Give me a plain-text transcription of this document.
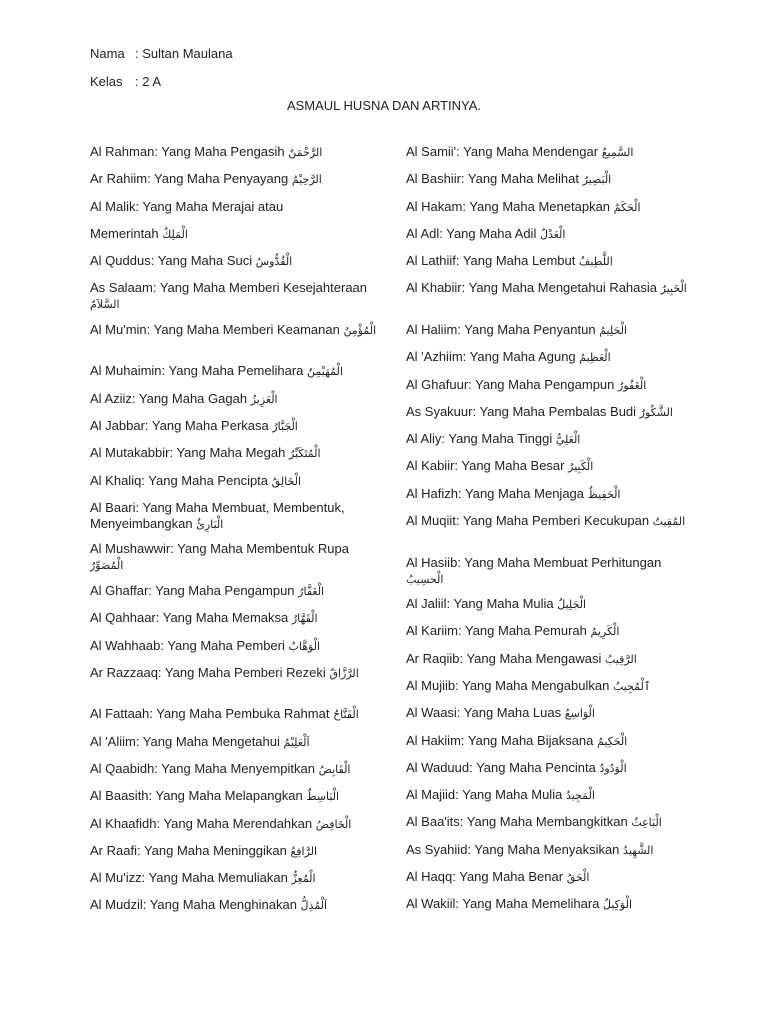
Nama : Sultan Maulana
Kelas : 2 A
ASMAUL HUSNA DAN ARTINYA.
Al Rahman: Yang Maha Pengasih الرَّحْمَنُ
Ar Rahiim: Yang Maha Penyayang الرَّحِيْمُ
Al Malik: Yang Maha Merajai atau
Memerintah الْمَلِكُ
Al Quddus: Yang Maha Suci الْقُدُّوسُ
As Salaam: Yang Maha Memberi Kesejahteraan السَّلاَمُ
Al Mu'min: Yang Maha Memberi Keamanan الْمُؤْمِنُ
Al Muhaimin: Yang Maha Pemelihara الْمُهَيْمِنُ
Al Aziiz: Yang Maha Gagah الْعَزِيزُ
Al Jabbar: Yang Maha Perkasa الْجَبَّارُ
Al Mutakabbir: Yang Maha Megah الْمُتَكَبِّرُ
Al Khaliq: Yang Maha Pencipta الْخَالِقُ
Al Baari: Yang Maha Membuat, Membentuk, Menyeimbangkan الْبَارِئُ
Al Mushawwir: Yang Maha Membentuk Rupa الْمُصَوِّرُ
Al Ghaffar: Yang Maha Pengampun الْغَفَّارُ
Al Qahhaar: Yang Maha Memaksa الْقَهَّارُ
Al Wahhaab: Yang Maha Pemberi الْوَهَّابُ
Ar Razzaaq: Yang Maha Pemberi Rezeki الرَّزَّاقُ
Al Fattaah: Yang Maha Pembuka Rahmat الْفَتَّاحُ
Al 'Aliim: Yang Maha Mengetahui اَلْعَلِيْمُ
Al Qaabidh: Yang Maha Menyempitkan الْقَابِضُ
Al Baasith: Yang Maha Melapangkan الْبَاسِطُ
Al Khaafidh: Yang Maha Merendahkan الْخَافِضُ
Ar Raafi: Yang Maha Meninggikan الرَّافِعُ
Al Mu'izz: Yang Maha Memuliakan الْمُعِزُّ
Al Mudzil: Yang Maha Menghinakan اَلْمُذِلُّ
Al Samii': Yang Maha Mendengar السَّمِيعُ
Al Bashiir: Yang Maha Melihat الْبَصِيرُ
Al Hakam: Yang Maha Menetapkan الْحَكَمُ
Al Adl: Yang Maha Adil الْعَدْلُ
Al Lathiif: Yang Maha Lembut اللَّطِيفُ
Al Khabiir: Yang Maha Mengetahui Rahasia الْخَبِيرُ
Al Haliim: Yang Maha Penyantun الْحَلِيمُ
Al 'Azhiim: Yang Maha Agung الْعَظِيمُ
Al Ghafuur: Yang Maha Pengampun الْغَفُورُ
As Syakuur: Yang Maha Pembalas Budi الشَّكُورُ
Al Aliy: Yang Maha Tinggi الْعَلِيُّ
Al Kabiir: Yang Maha Besar الْكَبِيرُ
Al Hafizh: Yang Maha Menjaga الْحَفِيظُ
Al Muqiit: Yang Maha Pemberi Kecukupan المُقِيتُ
Al Hasiib: Yang Maha Membuat Perhitungan الْحسِيبُ
Al Jaliil: Yang Maha Mulia الْجَلِيلُ
Al Kariim: Yang Maha Pemurah الْكَرِيمُ
Ar Raqiib: Yang Maha Mengawasi الرَّقِيبُ
Al Mujiib: Yang Maha Mengabulkan ٱلْمُجِيبُ
Al Waasi: Yang Maha Luas الْوَاسِعُ
Al Hakiim: Yang Maha Bijaksana الْحَكِيمُ
Al Waduud: Yang Maha Pencinta الْوَدُودُ
Al Majiid: Yang Maha Mulia الْمَجِيدُ
Al Baa'its: Yang Maha Membangkitkan الْبَاعِثُ
As Syahiid: Yang Maha Menyaksikan الشَّهِيدُ
Al Haqq: Yang Maha Benar الْحَقُ
Al Wakiil: Yang Maha Memelihara الْوَكِيلُ
